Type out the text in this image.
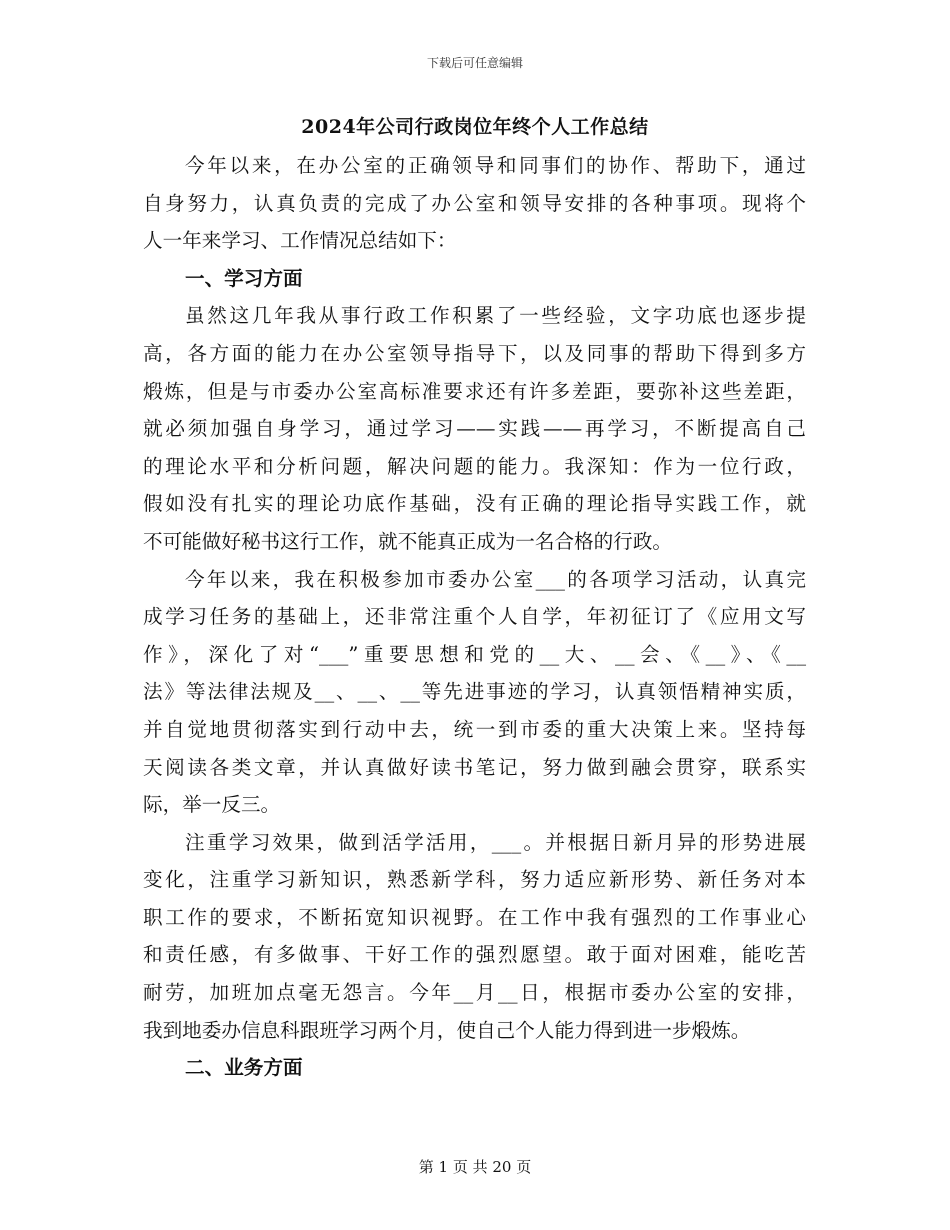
下载后可任意编辑
2024年公司行政岗位年终个人工作总结
今年以来，在办公室的正确领导和同事们的协作、帮助下，通过
自身努力，认真负责的完成了办公室和领导安排的各种事项。现将个
人一年来学习、工作情况总结如下：
一、学习方面
虽然这几年我从事行政工作积累了一些经验，文字功底也逐步提
高，各方面的能力在办公室领导指导下，以及同事的帮助下得到多方
煅炼，但是与市委办公室高标准要求还有许多差距，要弥补这些差距，
就必须加强自身学习，通过学习——实践——再学习，不断提高自己
的理论水平和分析问题，解决问题的能力。我深知：作为一位行政，
假如没有扎实的理论功底作基础，没有正确的理论指导实践工作，就
不可能做好秘书这行工作，就不能真正成为一名合格的行政。
今年以来，我在积极参加市委办公室___的各项学习活动，认真完
成学习任务的基础上，还非常注重个人自学，年初征订了《应用文写
作》，深化了对“___”重要思想和党的__大、__会、《__》、《__
法》等法律法规及__、__、__等先进事迹的学习，认真领悟精神实质，
并自觉地贯彻落实到行动中去，统一到市委的重大决策上来。坚持每
天阅读各类文章，并认真做好读书笔记，努力做到融会贯穿，联系实
际，举一反三。
注重学习效果，做到活学活用，___。并根据日新月异的形势进展
变化，注重学习新知识，熟悉新学科，努力适应新形势、新任务对本
职工作的要求，不断拓宽知识视野。在工作中我有强烈的工作事业心
和责任感，有多做事、干好工作的强烈愿望。敢于面对困难，能吃苦
耐劳，加班加点毫无怨言。今年__月__日，根据市委办公室的安排，
我到地委办信息科跟班学习两个月，使自己个人能力得到进一步煅炼。
二、业务方面
第 1 页 共 20 页
